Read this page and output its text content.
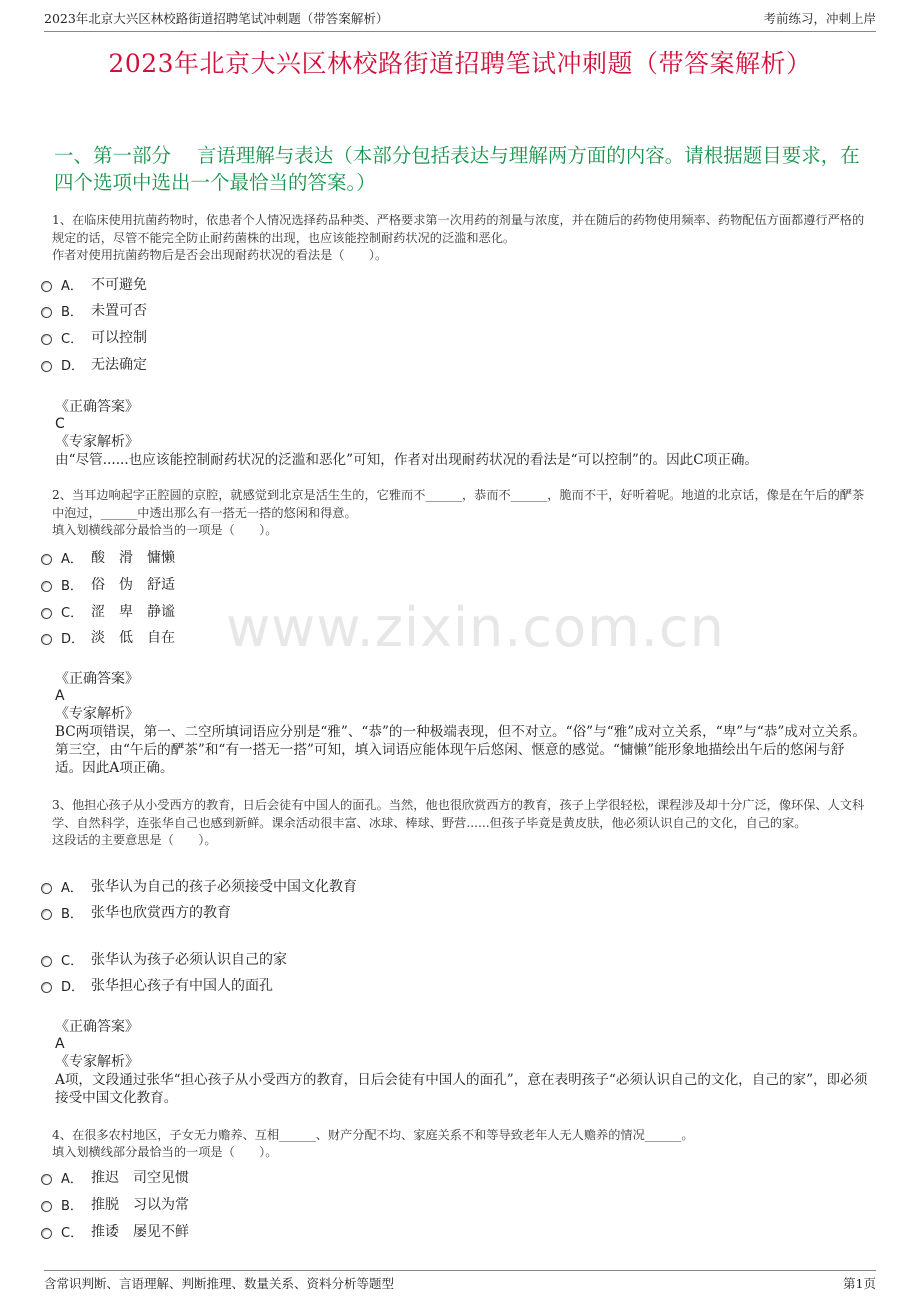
2023年北京大兴区林校路街道招聘笔试冲刺题（带答案解析）	考前练习，冲刺上岸
2023年北京大兴区林校路街道招聘笔试冲刺题（带答案解析）
一、第一部分 　言语理解与表达（本部分包括表达与理解两方面的内容。请根据题目要求，在四个选项中选出一个最恰当的答案。）

1、在临床使用抗菌药物时，依患者个人情况选择药品种类、严格要求第一次用药的剂量与浓度，并在随后的药物使用频率、药物配伍方面都遵行严格的规定的话，尽管不能完全防止耐药菌株的出现，也应该能控制耐药状况的泛滥和恶化。

作者对使用抗菌药物后是否会出现耐药状况的看法是（　　）。

A． 不可避免
B． 未置可否
C． 可以控制
D． 无法确定
《正确答案》
C
《专家解析》
由“尽管......也应该能控制耐药状况的泛滥和恶化”可知，作者对出现耐药状况的看法是“可以控制”的。因此C项正确。

2、当耳边响起字正腔圆的京腔，就感觉到北京是活生生的，它雅而不______，恭而不______，脆而不干，好听着呢。地道的北京话，像是在午后的酽茶中泡过，______中透出那么有一搭无一搭的悠闲和得意。

填入划横线部分最恰当的一项是（　　）。

A． 酸　滑　慵懒
B． 俗　伪　舒适
C． 涩　卑　静谧
D． 淡　低　自在
《正确答案》
A
《专家解析》
BC两项错误，第一、二空所填词语应分别是“雅”、“恭”的一种极端表现，但不对立。“俗”与“雅”成对立关系，“卑”与“恭”成对立关系。第三空，由“午后的酽茶”和“有一搭无一搭”可知，填入词语应能体现午后悠闲、惬意的感觉。“慵懒”能形象地描绘出午后的悠闲与舒适。因此A项正确。

3、他担心孩子从小受西方的教育，日后会徒有中国人的面孔。当然，他也很欣赏西方的教育，孩子上学很轻松，课程涉及却十分广泛，像环保、人文科学、自然科学，连张华自己也感到新鲜。课余活动很丰富、冰球、棒球、野营......但孩子毕竟是黄皮肤，他必须认识自己的文化，自己的家。

这段话的主要意思是（　　）。

A． 张华认为自己的孩子必须接受中国文化教育
B． 张华也欣赏西方的教育
C． 张华认为孩子必须认识自己的家
D． 张华担心孩子有中国人的面孔
《正确答案》
A
《专家解析》
A项，文段通过张华“担心孩子从小受西方的教育，日后会徒有中国人的面孔”，意在表明孩子“必须认识自己的文化，自己的家”，即必须接受中国文化教育。

4、在很多农村地区，子女无力赡养、互相______、财产分配不均、家庭关系不和等导致老年人无人赡养的情况______。

填入划横线部分最恰当的一项是（　　）。

A． 推迟　司空见惯
B． 推脱　习以为常
C． 推诿　屡见不鲜
www.zixin.com.cn
含常识判断、言语理解、判断推理、数量关系、资料分析等题型	第1页
